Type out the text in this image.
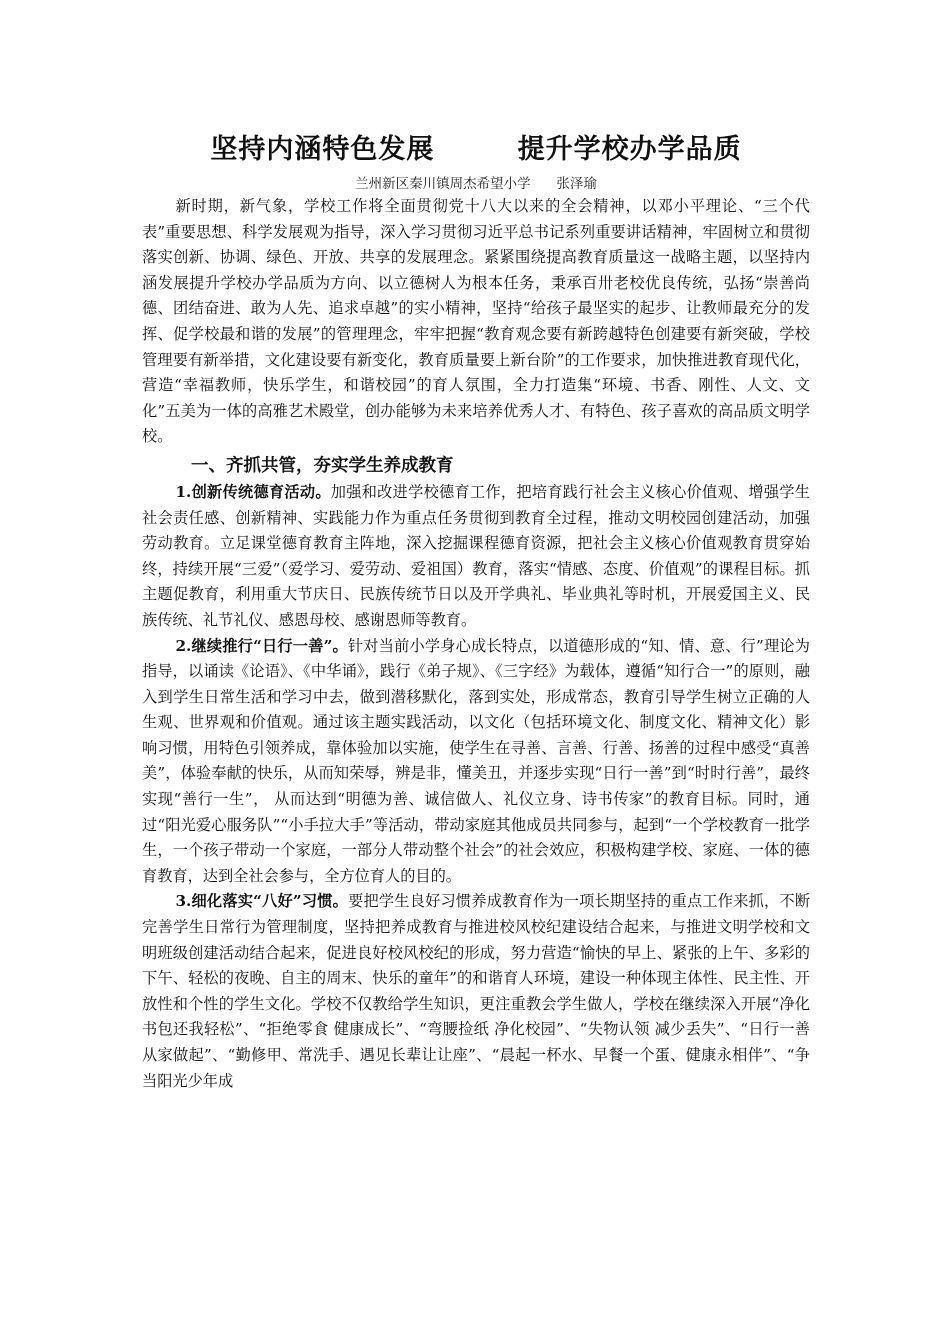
坚持内涵特色发展        提升学校办学品质
兰州新区秦川镇周杰希望小学      张泽瑜

新时期，新气象，学校工作将全面贯彻党十八大以来的全会精神，以邓小平理论、“三个代表”重要思想、科学发展观为指导，深入学习贯彻习近平总书记系列重要讲话精神，牢固树立和贯彻落实创新、协调、绿色、开放、共享的发展理念。紧紧围绕提高教育质量这一战略主题，以坚持内涵发展提升学校办学品质为方向、以立德树人为根本任务，秉承百卅老校优良传统，弘扬“崇善尚德、团结奋进、敢为人先、追求卓越”的实小精神，坚持“给孩子最坚实的起步、让教师最充分的发挥、促学校最和谐的发展”的管理理念，牢牢把握“教育观念要有新跨越特色创建要有新突破，学校管理要有新举措，文化建设要有新变化，教育质量要上新台阶”的工作要求，加快推进教育现代化，营造“幸福教师，快乐学生，和谐校园”的育人氛围，全力打造集“环境、书香、刚性、人文、文化”五美为一体的高雅艺术殿堂，创办能够为未来培养优秀人才、有特色、孩子喜欢的高品质文明学校。

一、齐抓共管，夯实学生养成教育

1.创新传统德育活动。加强和改进学校德育工作，把培育践行社会主义核心价值观、增强学生社会责任感、创新精神、实践能力作为重点任务贯彻到教育全过程，推动文明校园创建活动，加强劳动教育。立足课堂德育教育主阵地，深入挖掘课程德育资源，把社会主义核心价值观教育贯穿始终，持续开展“三爱”（爱学习、爱劳动、爱祖国）教育，落实“情感、态度、价值观”的课程目标。抓主题促教育，利用重大节庆日、民族传统节日以及开学典礼、毕业典礼等时机，开展爱国主义、民族传统、礼节礼仪、感恩母校、感谢恩师等教育。

2.继续推行“日行一善”。针对当前小学身心成长特点，以道德形成的“知、情、意、行”理论为指导，以诵读《论语》、《中华诵》，践行《弟子规》、《三字经》为载体，遵循“知行合一”的原则，融入到学生日常生活和学习中去，做到潜移默化，落到实处，形成常态，教育引导学生树立正确的人生观、世界观和价值观。通过该主题实践活动，以文化（包括环境文化、制度文化、精神文化）影响习惯，用特色引领养成，靠体验加以实施，使学生在寻善、言善、行善、扬善的过程中感受“真善美”，体验奉献的快乐，从而知荣辱，辨是非，懂美丑，并逐步实现“日行一善”到“时时行善”，最终实现“善行一生”， 从而达到“明德为善、诚信做人、礼仪立身、诗书传家”的教育目标。同时，通过“阳光爱心服务队”“小手拉大手”等活动，带动家庭其他成员共同参与，起到“一个学校教育一批学生，一个孩子带动一个家庭，一部分人带动整个社会”的社会效应，积极构建学校、家庭、一体的德育教育，达到全社会参与，全方位育人的目的。

3.细化落实“八好”习惯。要把学生良好习惯养成教育作为一项长期坚持的重点工作来抓，不断完善学生日常行为管理制度，坚持把养成教育与推进校风校纪建设结合起来，与推进文明学校和文明班级创建活动结合起来，促进良好校风校纪的形成，努力营造“愉快的早上、紧张的上午、多彩的下午、轻松的夜晚、自主的周末、快乐的童年”的和谐育人环境，建设一种体现主体性、民主性、开放性和个性的学生文化。学校不仅教给学生知识，更注重教会学生做人，学校在继续深入开展“净化书包还我轻松”、“拒绝零食 健康成长”、“弯腰捡纸 净化校园”、“失物认领 减少丢失”、“日行一善 从家做起”、“勤修甲、常洗手、遇见长辈让让座”、“晨起一杯水、早餐一个蛋、健康永相伴”、“争当阳光少年成
